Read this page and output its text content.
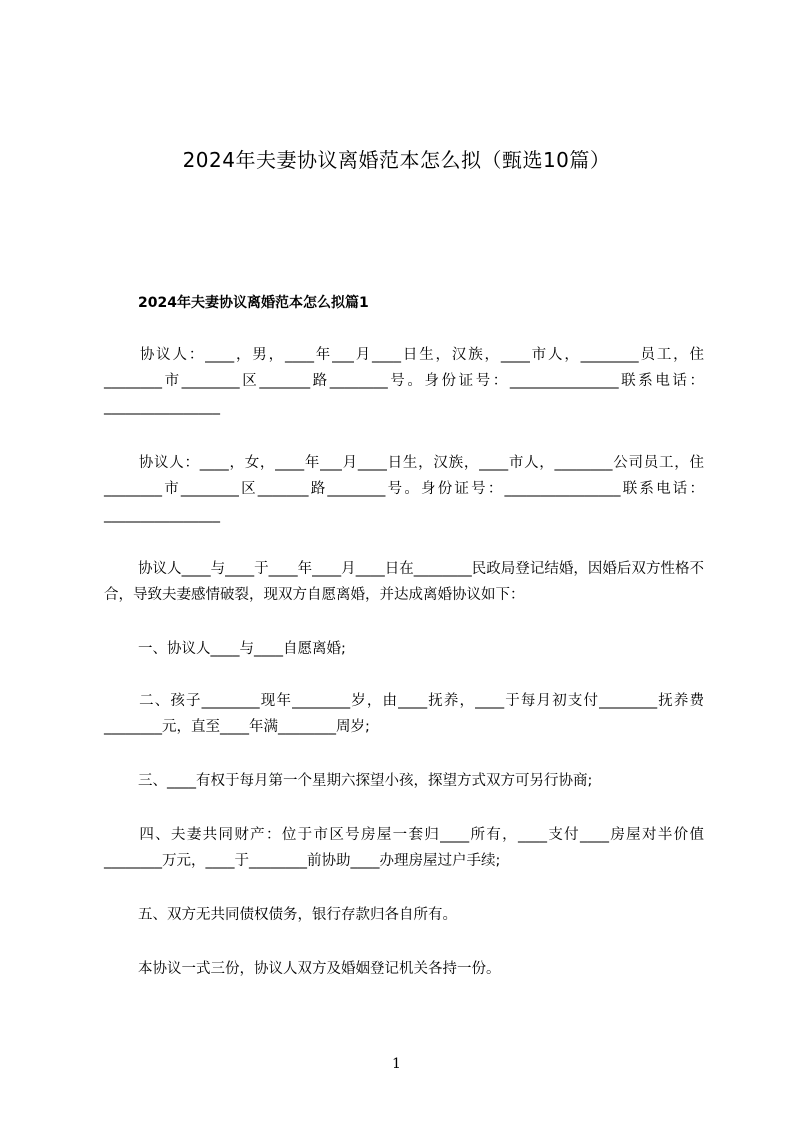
2024年夫妻协议离婚范本怎么拟（甄选10篇）
2024年夫妻协议离婚范本怎么拟篇1

协议人：____，男，____年___月____日生，汉族，____市人，________员工，住________市________区_______路________号。身份证号：_______________联系电话：________________

协议人：____，女，____年___月____日生，汉族，____市人，________公司员工，住________市________区_______路________号。身份证号：________________联系电话：________________

协议人____与____于____年____月____日在________民政局登记结婚，因婚后双方性格不合，导致夫妻感情破裂，现双方自愿离婚，并达成离婚协议如下：

一、协议人____与____自愿离婚;

二、孩子________现年________岁，由____抚养，____于每月初支付________抚养费________元，直至____年满________周岁;

三、____有权于每月第一个星期六探望小孩，探望方式双方可另行协商;

四、夫妻共同财产：位于市区号房屋一套归____所有，____支付____房屋对半价值________万元，____于________前协助____办理房屋过户手续;

五、双方无共同债权债务，银行存款归各自所有。

本协议一式三份，协议人双方及婚姻登记机关各持一份。

1
